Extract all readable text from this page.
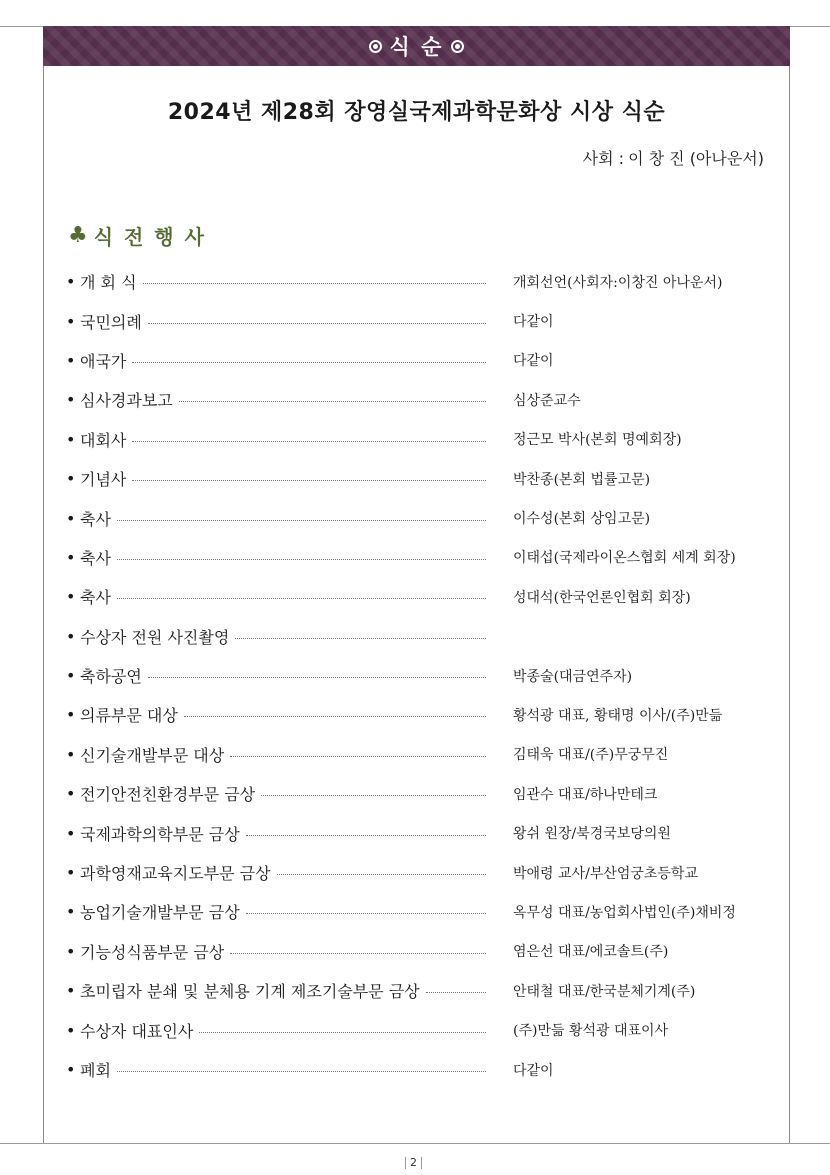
식 순
2024년 제28회 장영실국제과학문화상 시상 식순
사회 : 이 창 진 (아나운서)
♣ 식 전 행 사
• 개 회 식	개회선언(사회자:이창진 아나운서)
• 국민의례	다같이
• 애국가	다같이
• 심사경과보고	심상준교수
• 대회사	정근모 박사(본회 명예회장)
• 기념사	박찬종(본회 법률고문)
• 축사	이수성(본회 상임고문)
• 축사	이태섭(국제라이온스협회 세계 회장)
• 축사	성대석(한국언론인협회 회장)
• 수상자 전원 사진촬영
• 축하공연	박종술(대금연주자)
• 의류부문 대상	황석광 대표, 황태명 이사/(주)만듦
• 신기술개발부문 대상	김태욱 대표/(주)무궁무진
• 전기안전친환경부문 금상	임관수 대표/하나만테크
• 국제과학의학부문 금상	왕쉬 원장/북경국보당의원
• 과학영재교육지도부문 금상	박애령 교사/부산엄궁초등학교
• 농업기술개발부문 금상	옥무성 대표/농업회사법인(주)채비정
• 기능성식품부문 금상	염은선 대표/에코솔트(주)
• 초미립자 분쇄 및 분체용 기계 제조기술부문 금상	안태철 대표/한국분체기계(주)
• 수상자 대표인사	(주)만듦 황석광 대표이사
• 폐회	다같이
2
